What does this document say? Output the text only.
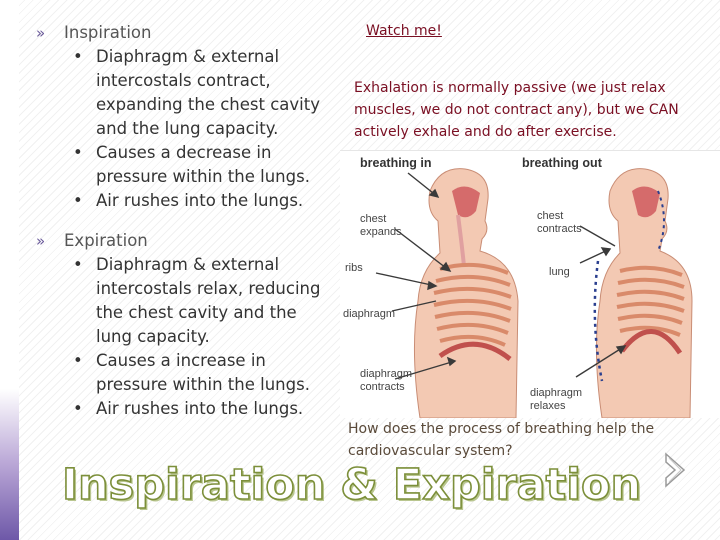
»	Inspiration
• Diaphragm & external intercostals contract, expanding the chest cavity and the lung capacity.
• Causes a decrease in pressure within the lungs.
• Air rushes into the lungs.
»	Expiration
• Diaphragm & external intercostals relax, reducing the chest cavity and the lung capacity.
• Causes a increase in pressure within the lungs.
• Air rushes into the lungs.
Watch me!
Exhalation is normally passive (we just relax muscles, we do not contract any), but we CAN actively exhale and do after exercise.
breathing in
chest
expands
ribs
diaphragm
diaphragm
contracts
breathing out
chest
contracts
lung
diaphragm
relaxes
How does the process of breathing help the cardiovascular system?
Inspiration & Expiration
